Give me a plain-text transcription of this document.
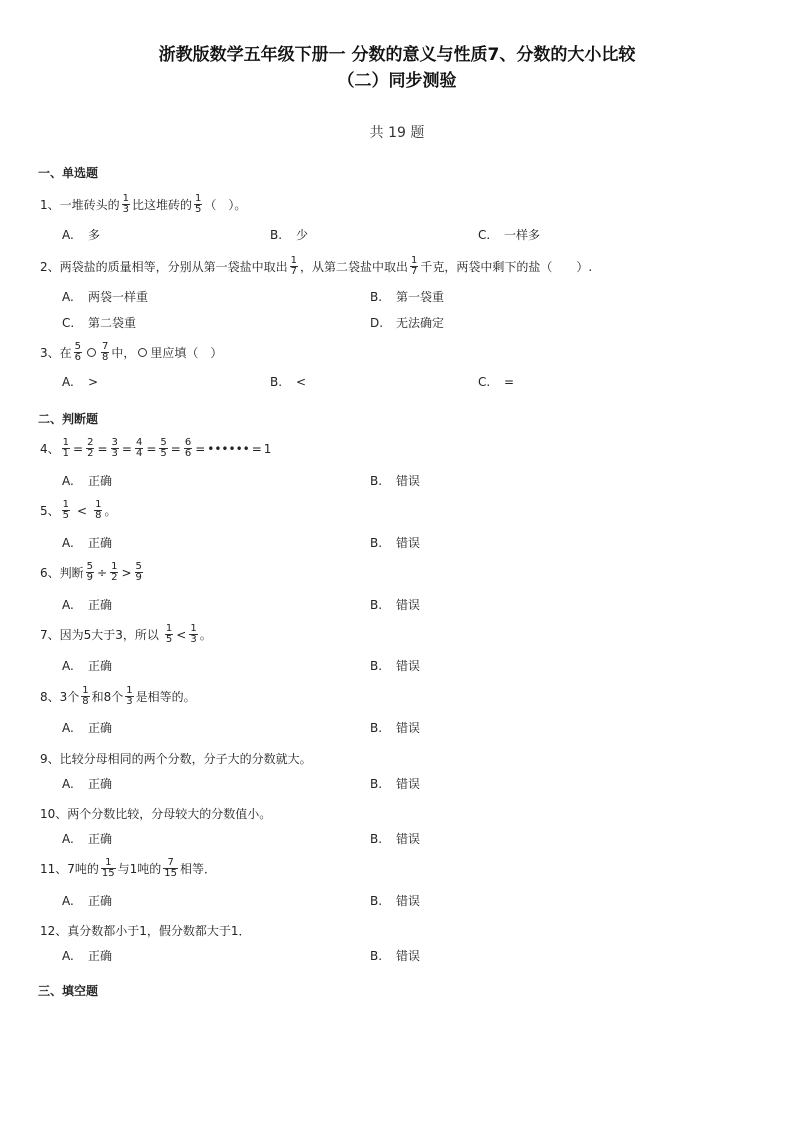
浙教版数学五年级下册一 分数的意义与性质7、分数的大小比较
（二）同步测验
共 19 题
一、单选题
1、 一堆砖头的 $\frac{1}{3}$ 比这堆砖的 $\frac{1}{5}$ （　）。
A. 多	B. 少	C. 一样多
2、 两袋盐的质量相等，分别从第一袋盐中取出 $\frac{1}{7}$ ，从第二袋盐中取出 $\frac{1}{7}$ 千克，两袋中剩下的盐（　　）.
A. 两袋一样重	B. 第一袋重
C. 第二袋重	D. 无法确定
3、 在 $\frac{5}{6} \frac{7}{8}$ 中， 里应填（　）
A. >	B. <	C. =
二、判断题
4、 $\frac{1}{1} = \frac{2}{2} = \frac{3}{3} = \frac{4}{4} = \frac{5}{5} = \frac{6}{6}$ = •••••• = 1
A. 正确	B. 错误
5、 $\frac{1}{5} < \frac{1}{8}$ 。
A. 正确	B. 错误
6、 判断 $\frac{5}{9} \div \frac{1}{2} > \frac{5}{9}$
A. 正确	B. 错误
7、 因为5大于3，所以 $\frac{1}{5} < \frac{1}{3}$ 。
A. 正确	B. 错误
8、 3个 $\frac{1}{8}$ 和8个 $\frac{1}{3}$ 是相等的。
A. 正确	B. 错误
9、 比较分母相同的两个分数，分子大的分数就大。
A. 正确	B. 错误
10、 两个分数比较，分母较大的分数值小。
A. 正确	B. 错误
11、 7吨的 $\frac{1}{15}$ 与1吨的 $\frac{7}{15}$ 相等．
A. 正确	B. 错误
12、 真分数都小于1，假分数都大于1．
A. 正确	B. 错误
三、填空题
